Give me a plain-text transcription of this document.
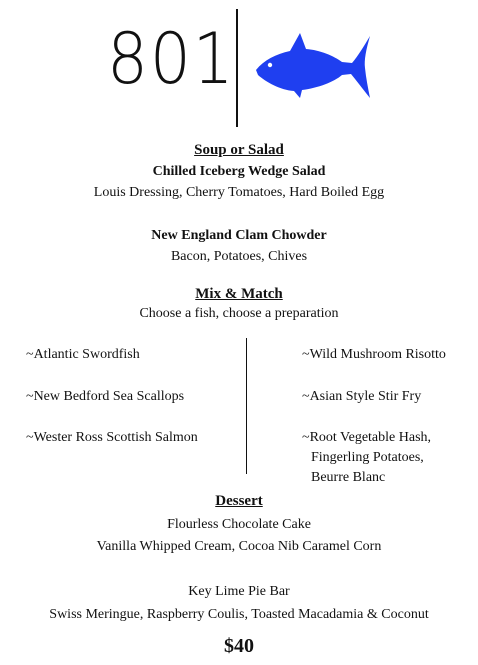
801
Soup or Salad
Chilled Iceberg Wedge Salad
Louis Dressing, Cherry Tomatoes, Hard Boiled Egg
New England Clam Chowder
Bacon, Potatoes, Chives
Mix & Match
Choose a fish, choose a preparation
~Atlantic Swordfish
~New Bedford Sea Scallops
~Wester Ross Scottish Salmon
~Wild Mushroom Risotto
~Asian Style Stir Fry
~Root Vegetable Hash,
Fingerling Potatoes,
Beurre Blanc
Dessert
Flourless Chocolate Cake
Vanilla Whipped Cream, Cocoa Nib Caramel Corn
Key Lime Pie Bar
Swiss Meringue, Raspberry Coulis, Toasted Macadamia & Coconut
$40
